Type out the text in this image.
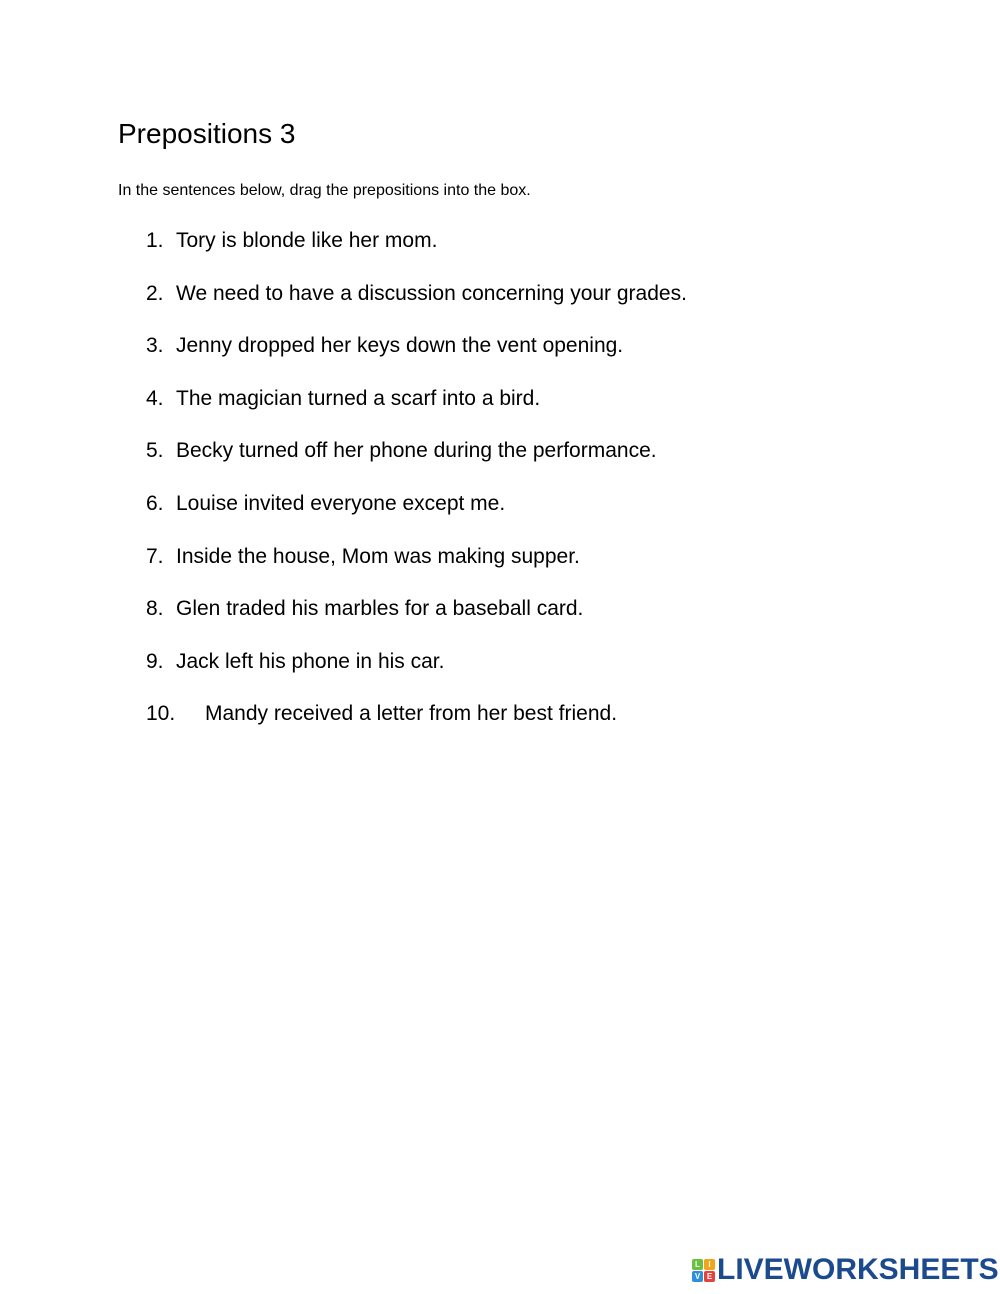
Prepositions 3

In the sentences below, drag the prepositions into the box.

1. Tory is blonde like her mom.
2. We need to have a discussion concerning your grades.
3. Jenny dropped her keys down the vent opening.
4. The magician turned a scarf into a bird.
5. Becky turned off her phone during the performance.
6. Louise invited everyone except me.
7. Inside the house, Mom was making supper.
8. Glen traded his marbles for a baseball card.
9. Jack left his phone in his car.
10. Mandy received a letter from her best friend.
L	I
V E LIVEWORKSHEETS
